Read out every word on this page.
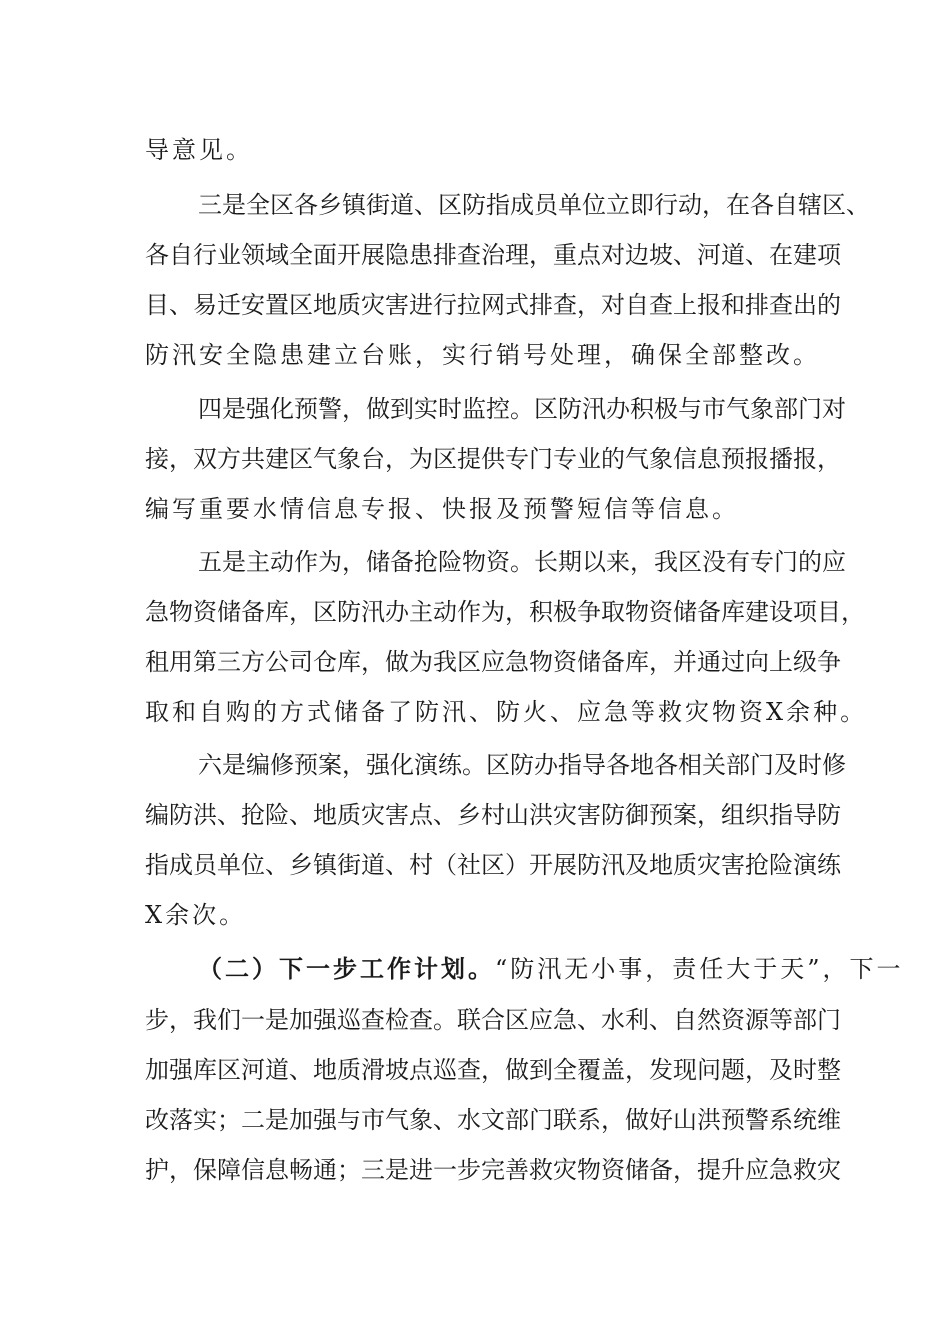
导意见。
三是全区各乡镇街道、区防指成员单位立即行动，在各自辖区、
各自行业领域全面开展隐患排查治理，重点对边坡、河道、在建项
目、易迁安置区地质灾害进行拉网式排查，对自查上报和排查出的
防汛安全隐患建立台账，实行销号处理，确保全部整改。
四是强化预警，做到实时监控。区防汛办积极与市气象部门对
接，双方共建区气象台，为区提供专门专业的气象信息预报播报，
编写重要水情信息专报、快报及预警短信等信息。
五是主动作为，储备抢险物资。长期以来，我区没有专门的应
急物资储备库，区防汛办主动作为，积极争取物资储备库建设项目，
租用第三方公司仓库，做为我区应急物资储备库，并通过向上级争
取和自购的方式储备了防汛、防火、应急等救灾物资X余种。
六是编修预案，强化演练。区防办指导各地各相关部门及时修
编防洪、抢险、地质灾害点、乡村山洪灾害防御预案，组织指导防
指成员单位、乡镇街道、村（社区）开展防汛及地质灾害抢险演练
X余次。
（二）下一步工作计划。“防汛无小事，责任大于天”，下一
步，我们一是加强巡查检查。联合区应急、水利、自然资源等部门
加强库区河道、地质滑坡点巡查，做到全覆盖，发现问题，及时整
改落实；二是加强与市气象、水文部门联系，做好山洪预警系统维
护，保障信息畅通；三是进一步完善救灾物资储备，提升应急救灾
